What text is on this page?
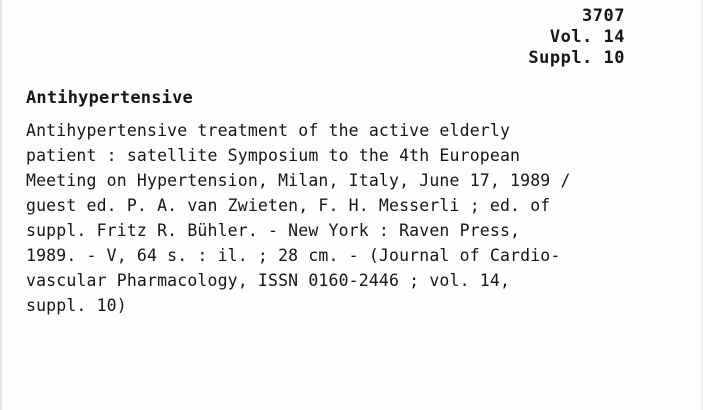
3707
Vol. 14
Suppl. 10
Antihypertensive
Antihypertensive treatment of the active elderly
patient : satellite Symposium to the 4th European
Meeting on Hypertension, Milan, Italy, June 17, 1989 /
guest ed. P. A. van Zwieten, F. H. Messerli ; ed. of
suppl. Fritz R. Bühler. - New York : Raven Press,
1989. - V, 64 s. : il. ; 28 cm. - (Journal of Cardio-
vascular Pharmacology, ISSN 0160-2446 ; vol. 14,
suppl. 10)
